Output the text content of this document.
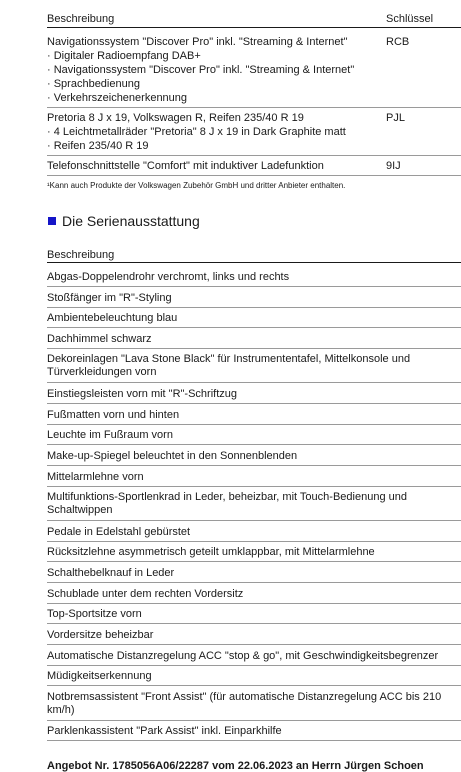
Beschreibung	Schlüssel
Navigationssystem "Discover Pro" inkl. "Streaming & Internet"	RCB
· Digitaler Radioempfang DAB+
· Navigationssystem "Discover Pro" inkl. "Streaming & Internet"
· Sprachbedienung
· Verkehrszeichenerkennung
Pretoria 8 J x 19, Volkswagen R, Reifen 235/40 R 19	PJL
· 4 Leichtmetallräder "Pretoria" 8 J x 19 in Dark Graphite matt
· Reifen 235/40 R 19
Telefonschnittstelle "Comfort" mit induktiver Ladefunktion	9IJ
¹Kann auch Produkte der Volkswagen Zubehör GmbH und dritter Anbieter enthalten.
Die Serienausstattung
Beschreibung
Abgas-Doppelendrohr verchromt, links und rechts
Stoßfänger im "R"-Styling
Ambientebeleuchtung blau
Dachhimmel schwarz
Dekoreinlagen "Lava Stone Black" für Instrumententafel, Mittelkonsole und Türverkleidungen vorn
Einstiegsleisten vorn mit "R"-Schriftzug
Fußmatten vorn und hinten
Leuchte im Fußraum vorn
Make-up-Spiegel beleuchtet in den Sonnenblenden
Mittelarmlehne vorn
Multifunktions-Sportlenkrad in Leder, beheizbar, mit Touch-Bedienung und Schaltwippen
Pedale in Edelstahl gebürstet
Rücksitzlehne asymmetrisch geteilt umklappbar, mit Mittelarmlehne
Schalthebelknauf in Leder
Schublade unter dem rechten Vordersitz
Top-Sportsitze vorn
Vordersitze beheizbar
Automatische Distanzregelung ACC "stop & go", mit Geschwindigkeitsbegrenzer
Müdigkeitserkennung
Notbremsassistent "Front Assist" (für automatische Distanzregelung ACC bis 210 km/h)
Parklenkassistent "Park Assist" inkl. Einparkhilfe
Angebot Nr. 1785056A06/22287 vom 22.06.2023 an Herrn Jürgen Schoen
